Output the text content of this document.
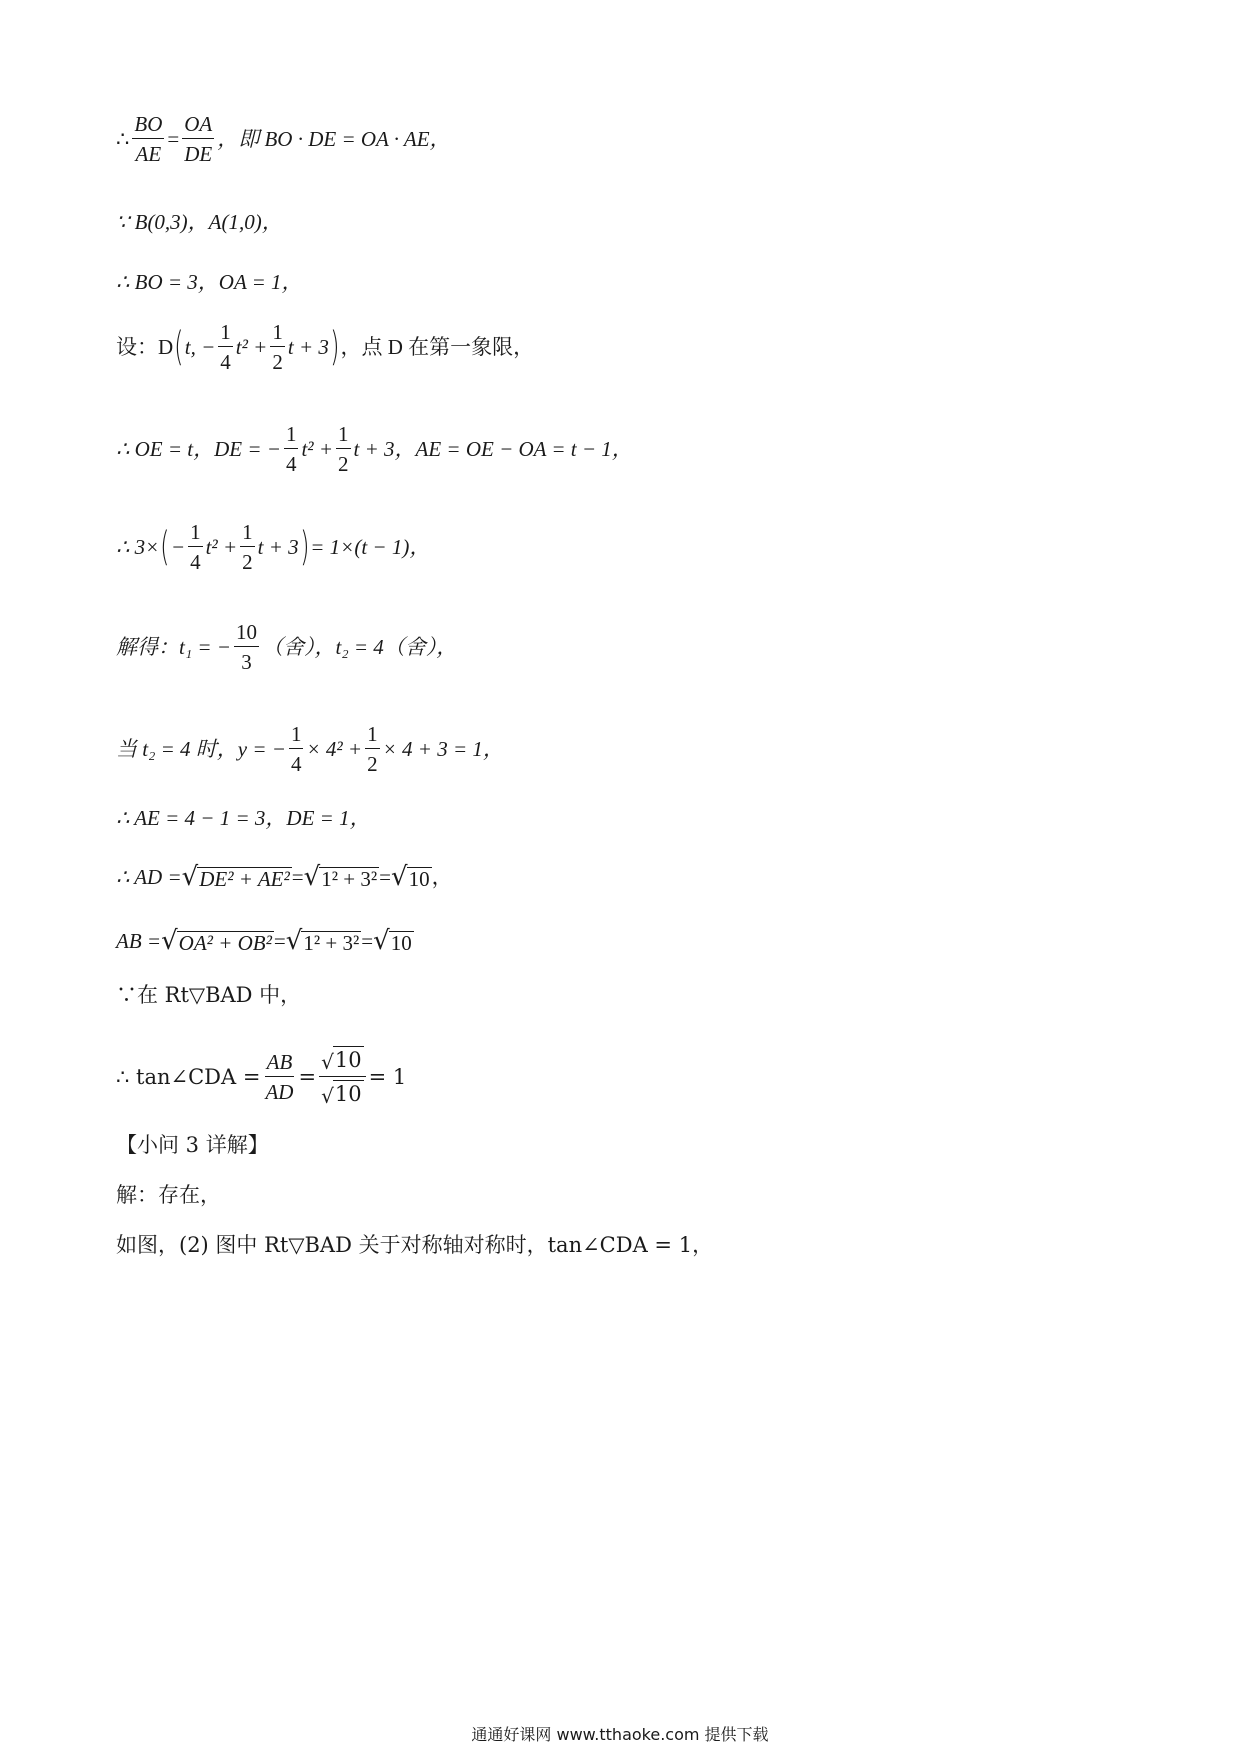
∴ $\frac{BO}{AE} = \frac{OA}{DE}$ ，即 BO · DE = OA · AE，
∵ B(0,3)，A(1,0)，
∴ BO = 3，OA = 1，
设：D ( t, − $\frac{1}{4} t^2 + \frac{1}{2}$ t + 3 ) ，点 D 在第一象限，
∴ OE = t，DE = − $\frac{1}{4} t^2 + \frac{1}{2}$ t + 3，AE = OE − OA = t − 1，
∴ 3× ( − $\frac{1}{4} t^2 + \frac{1}{2}$ t + 3 ) = 1×(t − 1)，
解得：t₁ = − $\frac{10}{3}$ （舍），t₂ = 4（舍），
当 t₂ = 4 时，y = − $\frac{1}{4} \times 4^2 + \frac{1}{2} \times 4 + 3 = 1$，
∴ AE = 4 − 1 = 3，DE = 1，
∴ AD = √ DE² + AE² = √ 1² + 3² = √ 10 ，
AB = √ OA² + OB² = √ 1² + 3² = √ 10
∵在 Rt▽BAD 中，
∴ tan∠CDA = $\frac{AB}{AD} = \frac{√ 10}{√ 10} = 1$
【小问 3 详解】
解：存在，
如图，(2) 图中 Rt▽BAD 关于对称轴对称时，tan∠CDA = 1，
通通好课网 www.tthaoke.com 提供下载
